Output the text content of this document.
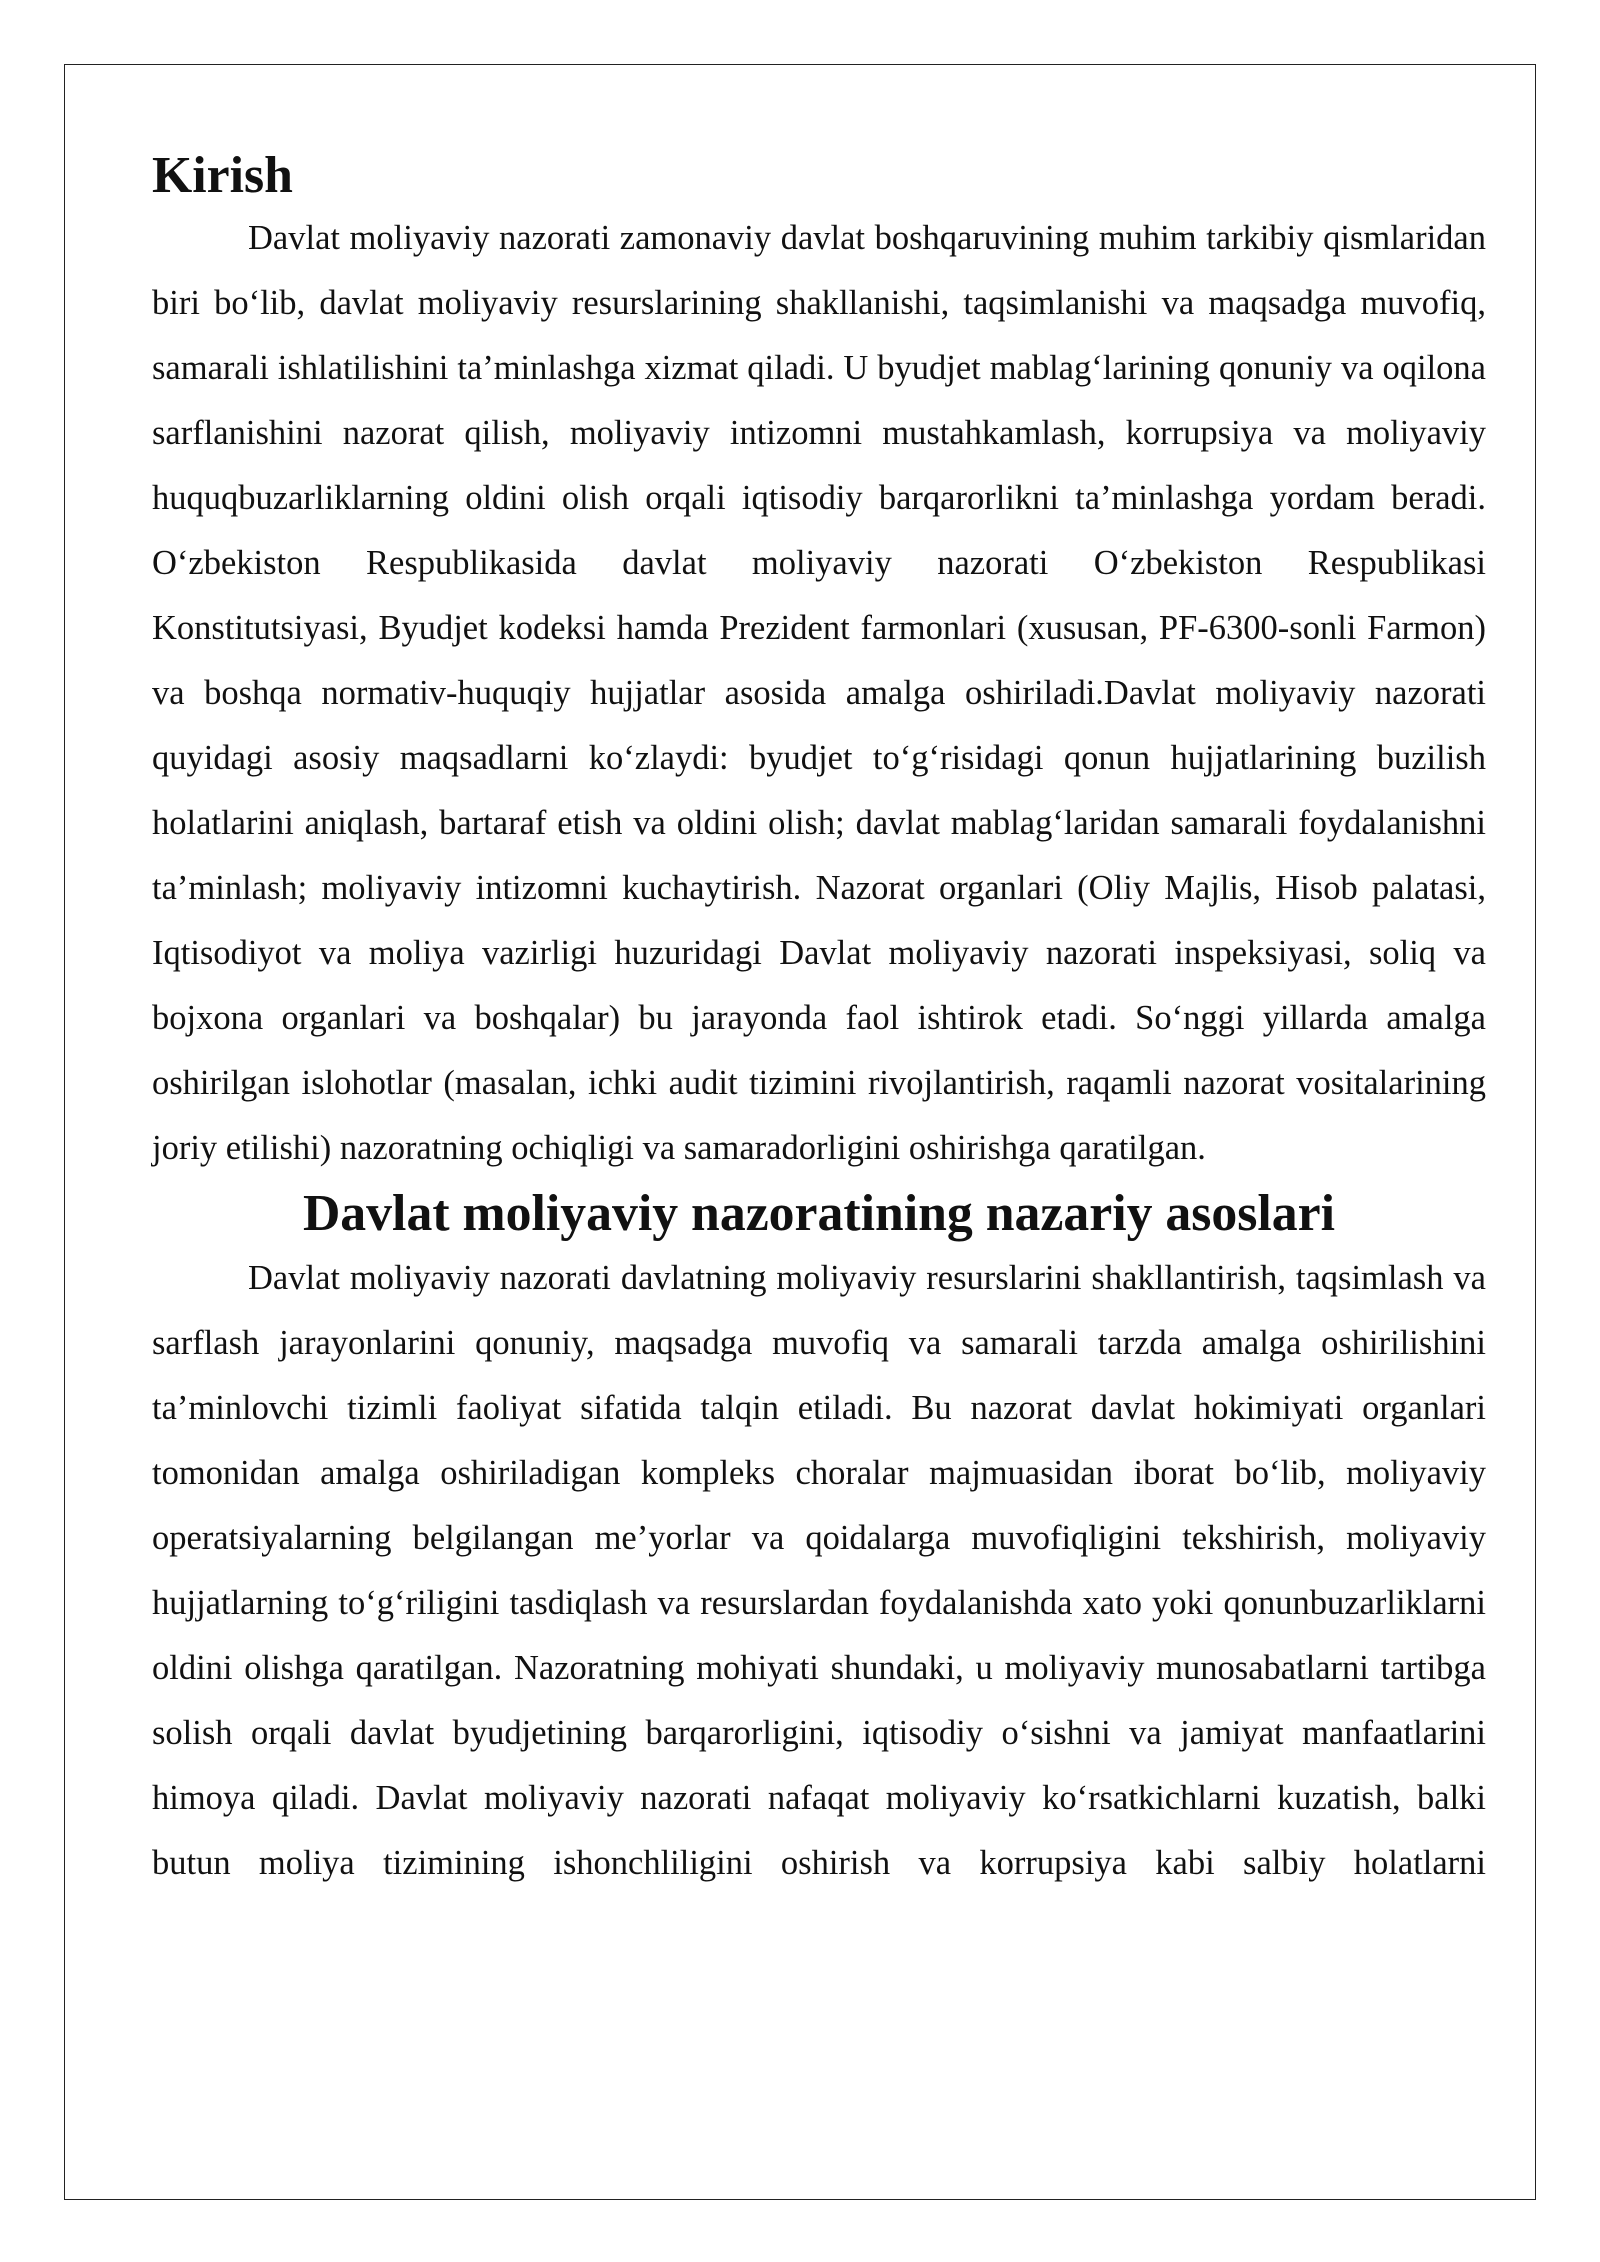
Kirish

Davlat moliyaviy nazorati zamonaviy davlat boshqaruvining muhim tarkibiy qismlaridan biri bo‘lib, davlat moliyaviy resurslarining shakllanishi, taqsimlanishi va maqsadga muvofiq, samarali ishlatilishini ta’minlashga xizmat qiladi. U byudjet mablag‘larining qonuniy va oqilona sarflanishini nazorat qilish, moliyaviy intizomni mustahkamlash, korrupsiya va moliyaviy huquqbuzarliklarning oldini olish orqali iqtisodiy barqarorlikni ta’minlashga yordam beradi. O‘zbekiston Respublikasida davlat moliyaviy nazorati O‘zbekiston Respublikasi Konstitutsiyasi, Byudjet kodeksi hamda Prezident farmonlari (xususan, PF-6300-sonli Farmon) va boshqa normativ-huquqiy hujjatlar asosida amalga oshiriladi.Davlat moliyaviy nazorati quyidagi asosiy maqsadlarni ko‘zlaydi: byudjet to‘g‘risidagi qonun hujjatlarining buzilish holatlarini aniqlash, bartaraf etish va oldini olish; davlat mablag‘laridan samarali foydalanishni ta’minlash; moliyaviy intizomni kuchaytirish. Nazorat organlari (Oliy Majlis, Hisob palatasi, Iqtisodiyot va moliya vazirligi huzuridagi Davlat moliyaviy nazorati inspeksiyasi, soliq va bojxona organlari va boshqalar) bu jarayonda faol ishtirok etadi. So‘nggi yillarda amalga oshirilgan islohotlar (masalan, ichki audit tizimini rivojlantirish, raqamli nazorat vositalarining joriy etilishi) nazoratning ochiqligi va samaradorligini oshirishga qaratilgan.

Davlat moliyaviy nazoratining nazariy asoslari

Davlat moliyaviy nazorati davlatning moliyaviy resurslarini shakllantirish, taqsimlash va sarflash jarayonlarini qonuniy, maqsadga muvofiq va samarali tarzda amalga oshirilishini ta’minlovchi tizimli faoliyat sifatida talqin etiladi. Bu nazorat davlat hokimiyati organlari tomonidan amalga oshiriladigan kompleks choralar majmuasidan iborat bo‘lib, moliyaviy operatsiyalarning belgilangan me’yorlar va qoidalarga muvofiqligini tekshirish, moliyaviy hujjatlarning to‘g‘riligini tasdiqlash va resurslardan foydalanishda xato yoki qonunbuzarliklarni oldini olishga qaratilgan. Nazoratning mohiyati shundaki, u moliyaviy munosabatlarni tartibga solish orqali davlat byudjetining barqarorligini, iqtisodiy o‘sishni va jamiyat manfaatlarini himoya qiladi. Davlat moliyaviy nazorati nafaqat moliyaviy ko‘rsatkichlarni kuzatish, balki butun moliya tizimining ishonchliligini oshirish va korrupsiya kabi salbiy holatlarni
